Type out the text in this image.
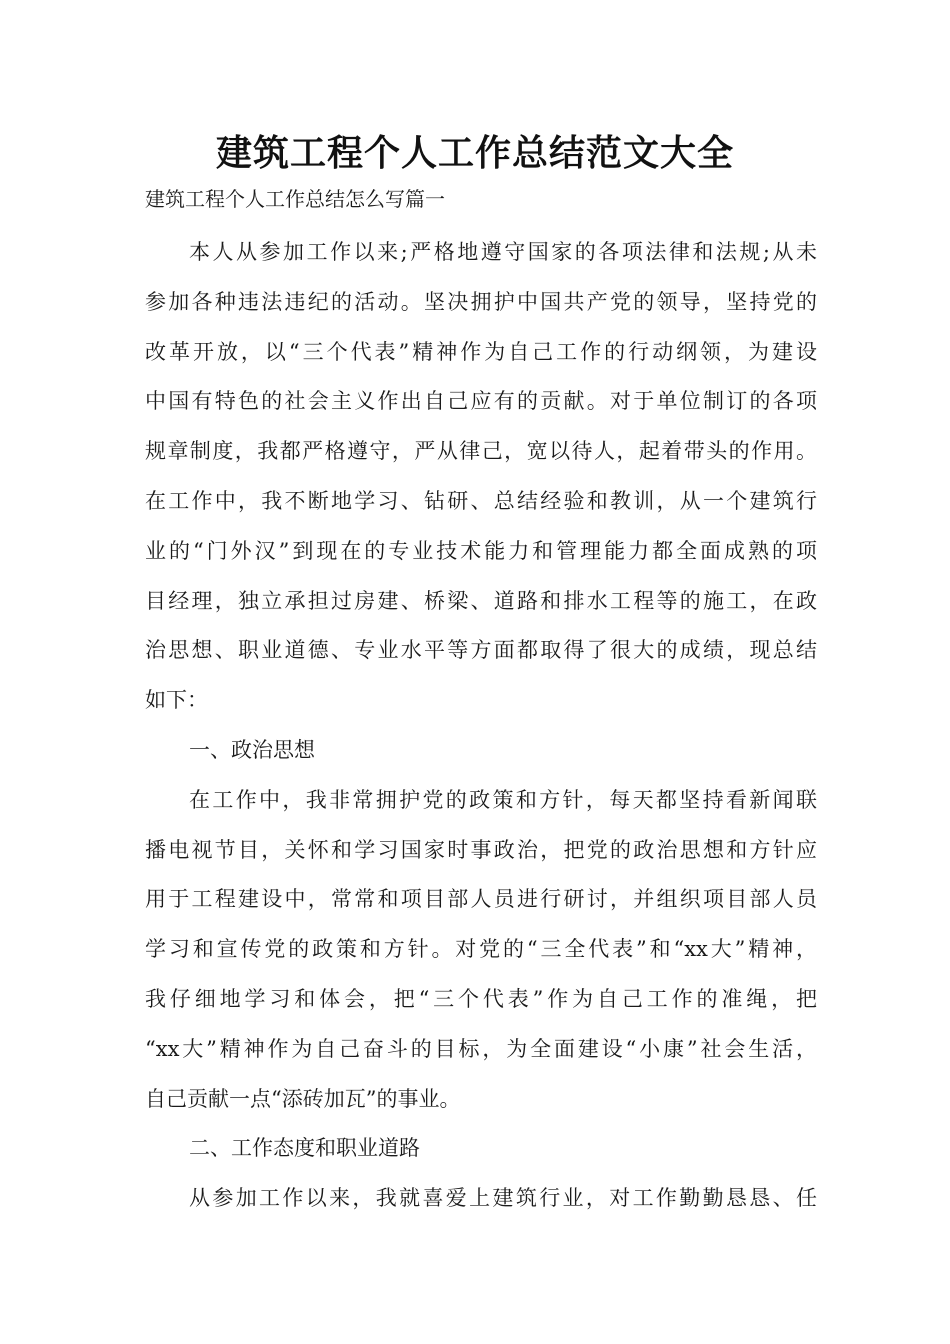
建筑工程个人工作总结范文大全
建筑工程个人工作总结怎么写篇一
本人从参加工作以来;严格地遵守国家的各项法律和法规;从未
参加各种违法违纪的活动。坚决拥护中国共产党的领导，坚持党的
改革开放，以“三个代表”精神作为自己工作的行动纲领，为建设
中国有特色的社会主义作出自己应有的贡献。对于单位制订的各项
规章制度，我都严格遵守，严从律己，宽以待人，起着带头的作用。
在工作中，我不断地学习、钻研、总结经验和教训，从一个建筑行
业的“门外汉”到现在的专业技术能力和管理能力都全面成熟的项
目经理，独立承担过房建、桥梁、道路和排水工程等的施工，在政
治思想、职业道德、专业水平等方面都取得了很大的成绩，现总结
如下：
一、政治思想
在工作中，我非常拥护党的政策和方针，每天都坚持看新闻联
播电视节目，关怀和学习国家时事政治，把党的政治思想和方针应
用于工程建设中，常常和项目部人员进行研讨，并组织项目部人员
学习和宣传党的政策和方针。对党的“三全代表”和“xx大”精神，
我仔细地学习和体会，把“三个代表”作为自己工作的准绳，把
“xx大”精神作为自己奋斗的目标，为全面建设“小康”社会生活，
自己贡献一点“添砖加瓦”的事业。
二、工作态度和职业道路
从参加工作以来，我就喜爱上建筑行业，对工作勤勤恳恳、任
